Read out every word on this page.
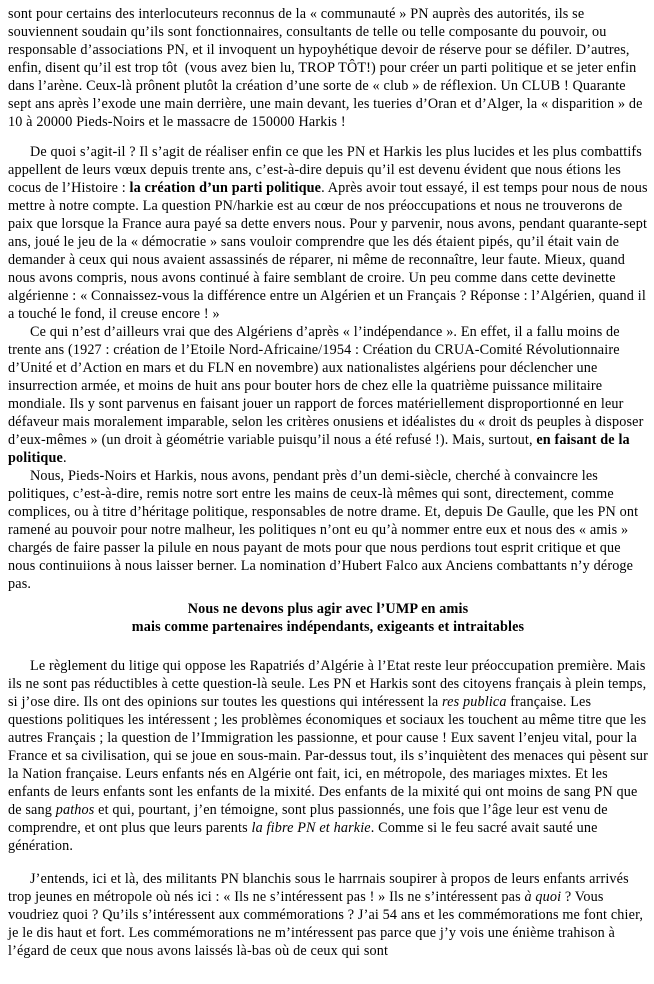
sont pour certains des interlocuteurs reconnus de la « communauté » PN auprès des autorités, ils se souviennent soudain qu’ils sont fonctionnaires, consultants de telle ou telle composante du pouvoir, ou responsable d’associations PN, et il invoquent un hypoyhétique devoir de réserve pour se défiler. D’autres, enfin, disent qu’il est trop tôt  (vous avez bien lu, TROP TÔT!) pour créer un parti politique et se jeter enfin dans l’arène. Ceux-là prônent plutôt la création d’une sorte de « club » de réflexion. Un CLUB ! Quarante sept ans après l’exode une main derrière, une main devant, les tueries d’Oran et d’Alger, la « disparition » de 10 à 20000 Pieds-Noirs et le massacre de 150000 Harkis !

De quoi s’agit-il ? Il s’agit de réaliser enfin ce que les PN et Harkis les plus lucides et les plus combattifs appellent de leurs vœux depuis trente ans, c’est-à-dire depuis qu’il est devenu évident que nous étions les cocus de l’Histoire : la création d’un parti politique. Après avoir tout essayé, il est temps pour nous de nous mettre à notre compte. La question PN/harkie est au cœur de nos préoccupations et nous ne trouverons de paix que lorsque la France aura payé sa dette envers nous. Pour y parvenir, nous avons, pendant quarante-sept ans, joué le jeu de la « démocratie » sans vouloir comprendre que les dés étaient pipés, qu’il était vain de demander à ceux qui nous avaient assassinés de réparer, ni même de reconnaître, leur faute. Mieux, quand nous avons compris, nous avons continué à faire semblant de croire. Un peu comme dans cette devinette algérienne : « Connaissez-vous la différence entre un Algérien et un Français ? Réponse : l’Algérien, quand il a touché le fond, il creuse encore ! »

Ce qui n’est d’ailleurs vrai que des Algériens d’après « l’indépendance ». En effet, il a fallu moins de trente ans (1927 : création de l’Etoile Nord-Africaine/1954 : Création du CRUA-Comité Révolutionnaire d’Unité et d’Action en mars et du FLN en novembre) aux nationalistes algériens pour déclencher une insurrection armée, et moins de huit ans pour bouter hors de chez elle la quatrième puissance militaire mondiale. Ils y sont parvenus en faisant jouer un rapport de forces matériellement disproportionné en leur défaveur mais moralement imparable, selon les critères onusiens et idéalistes du « droit ds peuples à disposer d’eux-mêmes » (un droit à géométrie variable puisqu’il nous a été refusé !). Mais, surtout, en faisant de la politique.

Nous, Pieds-Noirs et Harkis, nous avons, pendant près d’un demi-siècle, cherché à convaincre les politiques, c’est-à-dire, remis notre sort entre les mains de ceux-là mêmes qui sont, directement, comme complices, ou à titre d’héritage politique, responsables de notre drame. Et, depuis De Gaulle, que les PN ont ramené au pouvoir pour notre malheur, les politiques n’ont eu qu’à nommer entre eux et nous des « amis » chargés de faire passer la pilule en nous payant de mots pour que nous perdions tout esprit critique et que nous continuiions à nous laisser berner. La nomination d’Hubert Falco aux Anciens combattants n’y déroge pas.

Nous ne devons plus agir avec l’UMP en amis
mais comme partenaires indépendants, exigeants et intraitables

Le règlement du litige qui oppose les Rapatriés d’Algérie à l’Etat reste leur préoccupation première. Mais ils ne sont pas réductibles à cette question-là seule. Les PN et Harkis sont des citoyens français à plein temps, si j’ose dire. Ils ont des opinions sur toutes les questions qui intéressent la res publica française. Les questions politiques les intéressent ; les problèmes économiques et sociaux les touchent au même titre que les autres Français ; la question de l’Immigration les passionne, et pour cause ! Eux savent l’enjeu vital, pour la France et sa civilisation, qui se joue en sous-main. Par-dessus tout, ils s’inquiètent des menaces qui pèsent sur la Nation française. Leurs enfants nés en Algérie ont fait, ici, en métropole, des mariages mixtes. Et les enfants de leurs enfants sont les enfants de la mixité. Des enfants de la mixité qui ont moins de sang PN que de sang pathos et qui, pourtant, j’en témoigne, sont plus passionnés, une fois que l’âge leur est venu de comprendre, et ont plus que leurs parents la fibre PN et harkie. Comme si le feu sacré avait sauté une génération.

J’entends, ici et là, des militants PN blanchis sous le harrnais soupirer à propos de leurs enfants arrivés trop jeunes en métropole où nés ici : « Ils ne s’intéressent pas ! » Ils ne s’intéressent pas à quoi ? Vous voudriez quoi ? Qu’ils s’intéressent aux commémorations ? J’ai 54 ans et les commémorations me font chier, je le dis haut et fort. Les commémorations ne m’intéressent pas parce que j’y vois une énième trahison à l’égard de ceux que nous avons laissés là-bas où de ceux qui sont
